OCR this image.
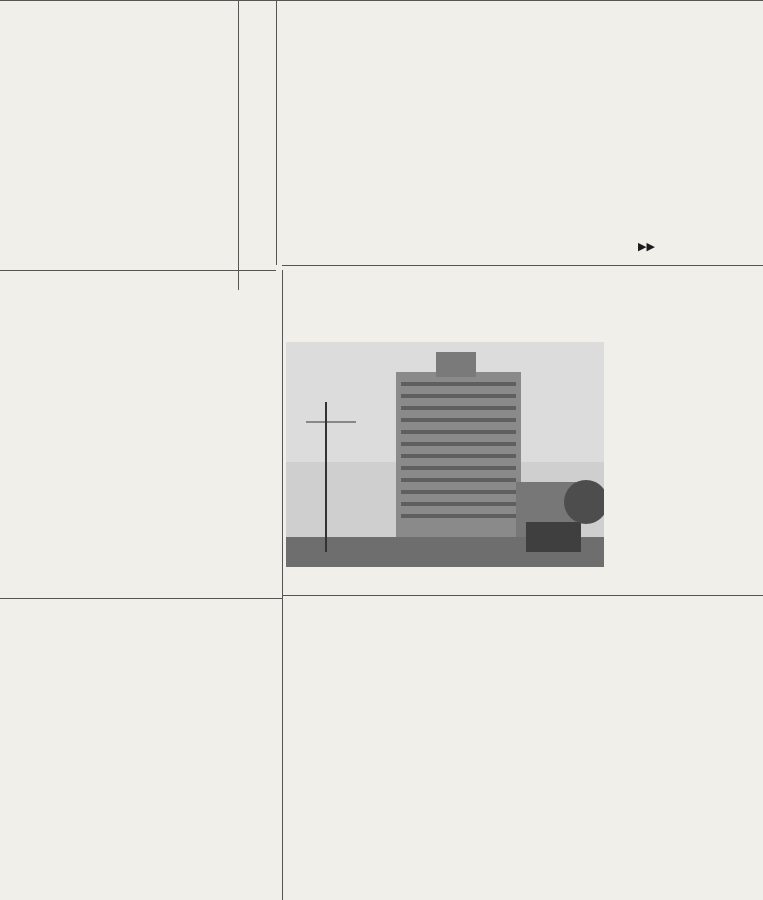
▶▶
